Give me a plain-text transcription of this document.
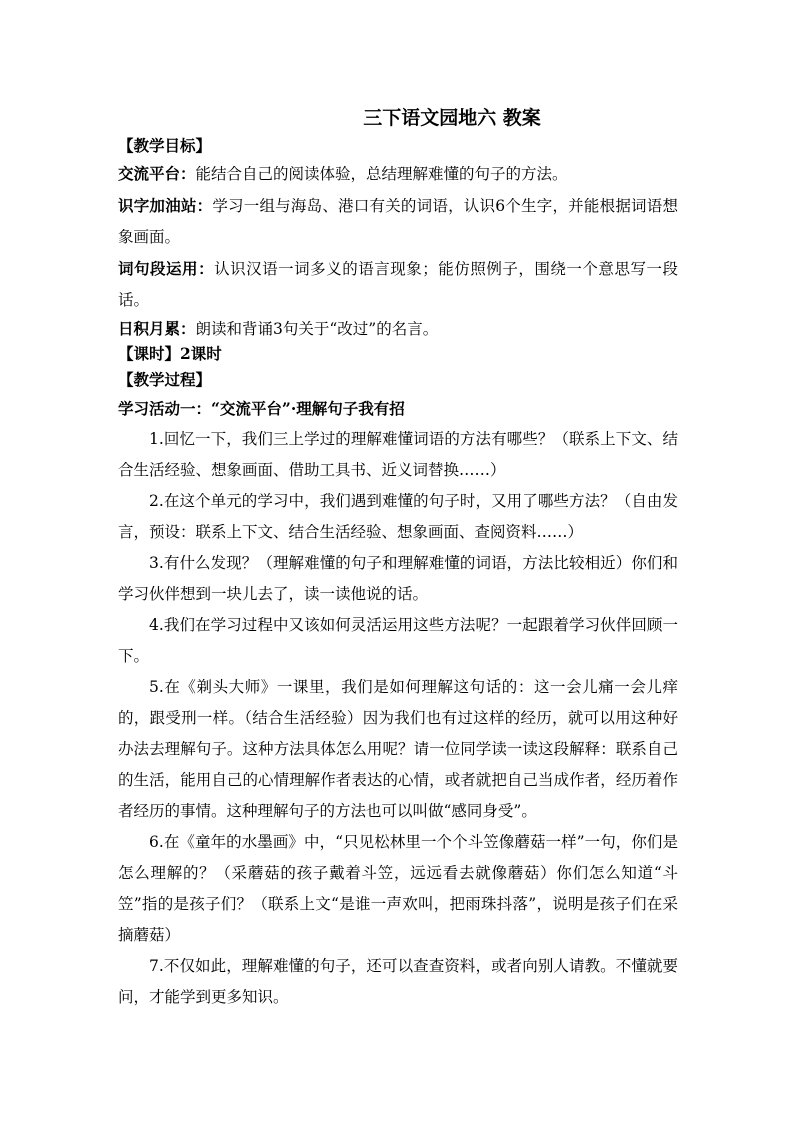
三下语文园地六 教案

【教学目标】

交流平台：能结合自己的阅读体验，总结理解难懂的句子的方法。

识字加油站：学习一组与海岛、港口有关的词语，认识6个生字，并能根据词语想象画面。

词句段运用：认识汉语一词多义的语言现象；能仿照例子，围绕一个意思写一段话。

日积月累：朗读和背诵3句关于“改过”的名言。

【课时】2课时

【教学过程】

学习活动一：“交流平台”·理解句子我有招

1.回忆一下，我们三上学过的理解难懂词语的方法有哪些？（联系上下文、结合生活经验、想象画面、借助工具书、近义词替换……）

2.在这个单元的学习中，我们遇到难懂的句子时，又用了哪些方法？（自由发言，预设：联系上下文、结合生活经验、想象画面、查阅资料……）

3.有什么发现？（理解难懂的句子和理解难懂的词语，方法比较相近）你们和学习伙伴想到一块儿去了，读一读他说的话。

4.我们在学习过程中又该如何灵活运用这些方法呢？一起跟着学习伙伴回顾一下。

5.在《剃头大师》一课里，我们是如何理解这句话的：这一会儿痛一会儿痒的，跟受刑一样。（结合生活经验）因为我们也有过这样的经历，就可以用这种好办法去理解句子。这种方法具体怎么用呢？请一位同学读一读这段解释：联系自己的生活，能用自己的心情理解作者表达的心情，或者就把自己当成作者，经历着作者经历的事情。这种理解句子的方法也可以叫做“感同身受”。

6.在《童年的水墨画》中，“只见松林里一个个斗笠像蘑菇一样”一句，你们是怎么理解的？（采蘑菇的孩子戴着斗笠，远远看去就像蘑菇）你们怎么知道“斗笠”指的是孩子们？（联系上文“是谁一声欢叫，把雨珠抖落”，说明是孩子们在采摘蘑菇）

7.不仅如此，理解难懂的句子，还可以查查资料，或者向别人请教。不懂就要问，才能学到更多知识。
